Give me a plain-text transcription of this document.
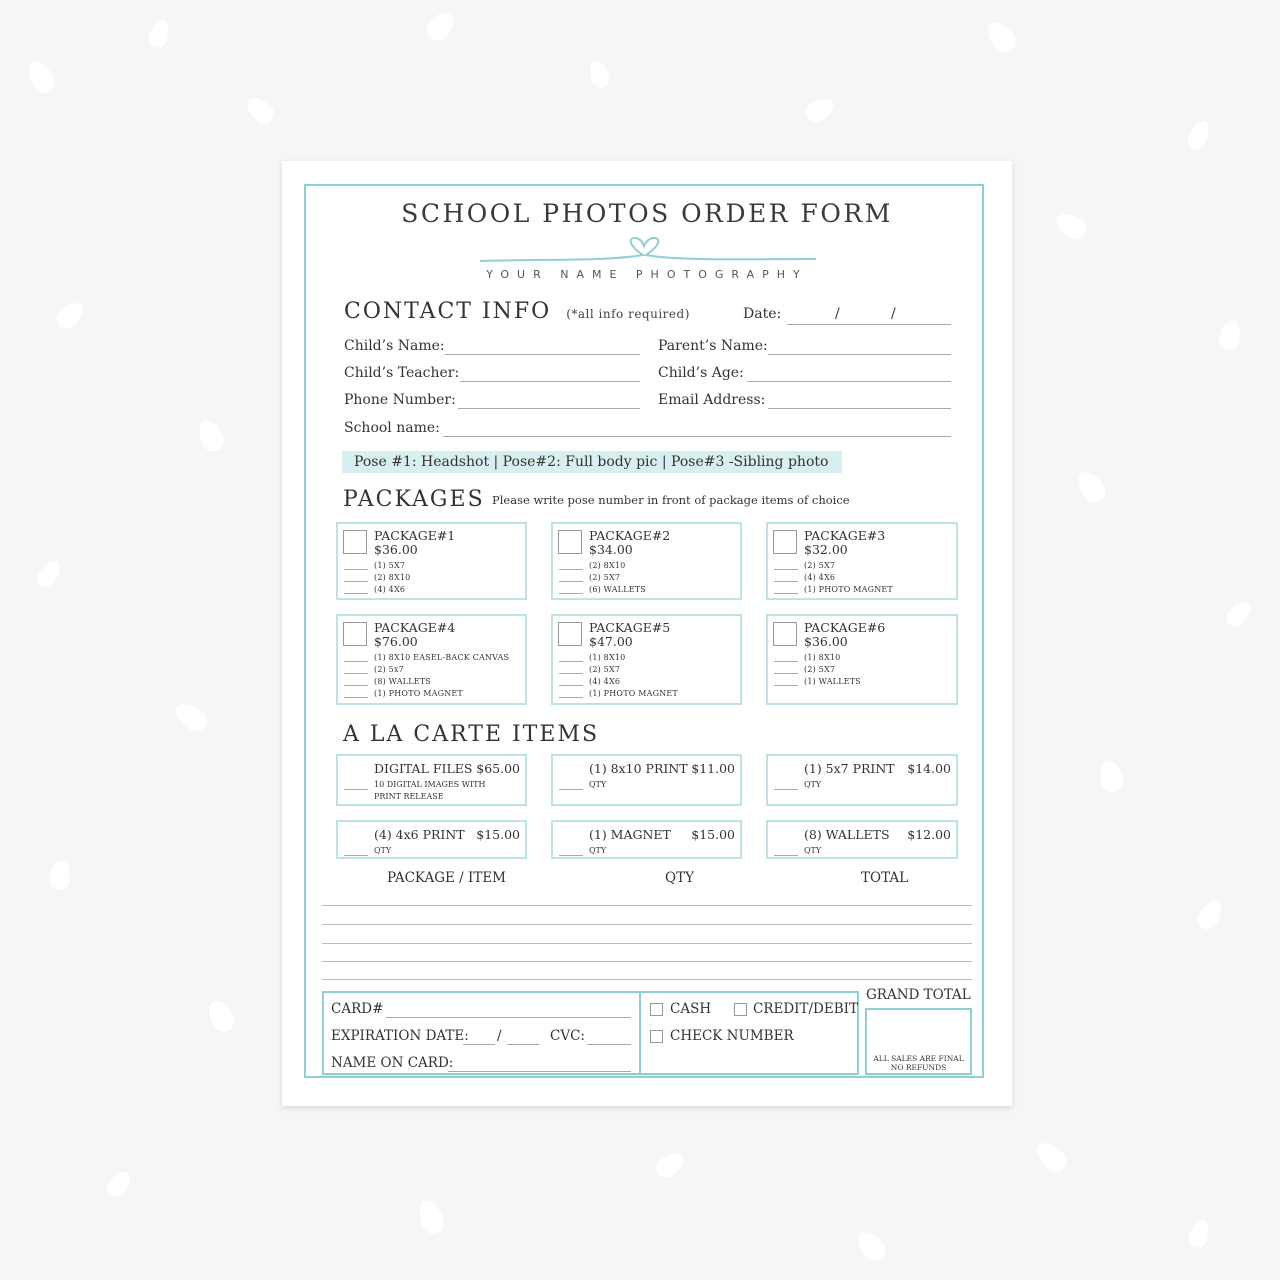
SCHOOL PHOTOS ORDER FORM
YOUR NAME PHOTOGRAPHY
CONTACT INFO (*all info required)	Date:	/	/
Child’s Name:	Parent’s Name:
Child’s Teacher:	Child’s Age:
Phone Number:	Email Address:
School name:
Pose #1: Headshot | Pose#2: Full body pic | Pose#3 -Sibling photo
PACKAGES Please write pose number in front of package items of choice
PACKAGE#1
$36.00
(1) 5X7
(2) 8X10
(4) 4X6
PACKAGE#2
$34.00
(2) 8X10
(2) 5X7
(6) WALLETS
PACKAGE#3
$32.00
(2) 5X7
(4) 4X6
(1) PHOTO MAGNET
PACKAGE#4
$76.00
(1) 8X10 EASEL-BACK CANVAS
(2) 5x7
(8) WALLETS
(1) PHOTO MAGNET
PACKAGE#5
$47.00
(1) 8X10
(2) 5X7
(4) 4X6
(1) PHOTO MAGNET
PACKAGE#6
$36.00
(1) 8X10
(2) 5X7
(1) WALLETS
A LA CARTE ITEMS
DIGITAL FILES $65.00
10 DIGITAL IMAGES WITH
PRINT RELEASE
(1) 8x10 PRINT $11.00
QTY
(1) 5x7 PRINT $14.00
QTY
(4) 4x6 PRINT $15.00
QTY
(1) MAGNET $15.00
QTY
(8) WALLETS $12.00
QTY
PACKAGE / ITEM	QTY	TOTAL
CARD#
EXPIRATION DATE: /	CVC:
NAME ON CARD:
CASH	CREDIT/DEBIT
CHECK NUMBER
GRAND TOTAL
ALL SALES ARE FINAL
NO REFUNDS
